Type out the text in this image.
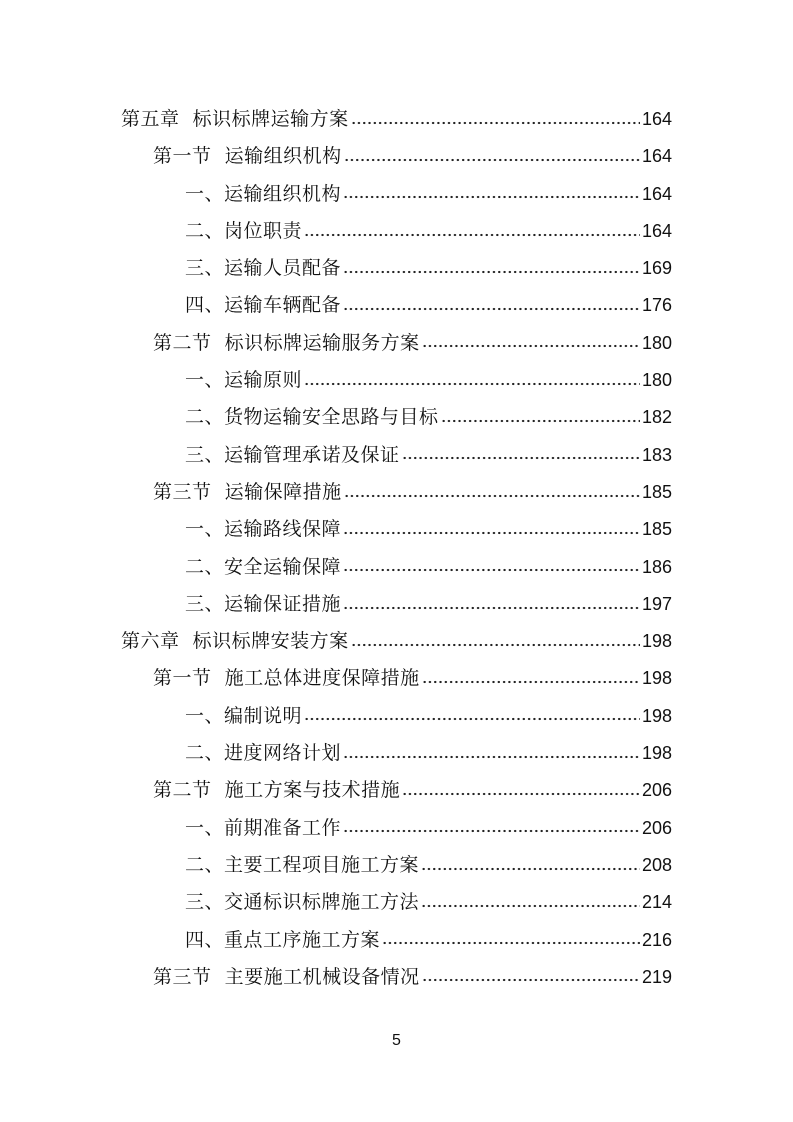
第五章  标识标牌运输方案	164
第一节  运输组织机构	164
一、运输组织机构	164
二、岗位职责	164
三、运输人员配备	169
四、运输车辆配备	176
第二节  标识标牌运输服务方案	180
一、运输原则	180
二、货物运输安全思路与目标	182
三、运输管理承诺及保证	183
第三节  运输保障措施	185
一、运输路线保障	185
二、安全运输保障	186
三、运输保证措施	197
第六章  标识标牌安装方案	198
第一节  施工总体进度保障措施	198
一、编制说明	198
二、进度网络计划	198
第二节  施工方案与技术措施	206
一、前期准备工作	206
二、主要工程项目施工方案	208
三、交通标识标牌施工方法	214
四、重点工序施工方案	216
第三节  主要施工机械设备情况	219
5
